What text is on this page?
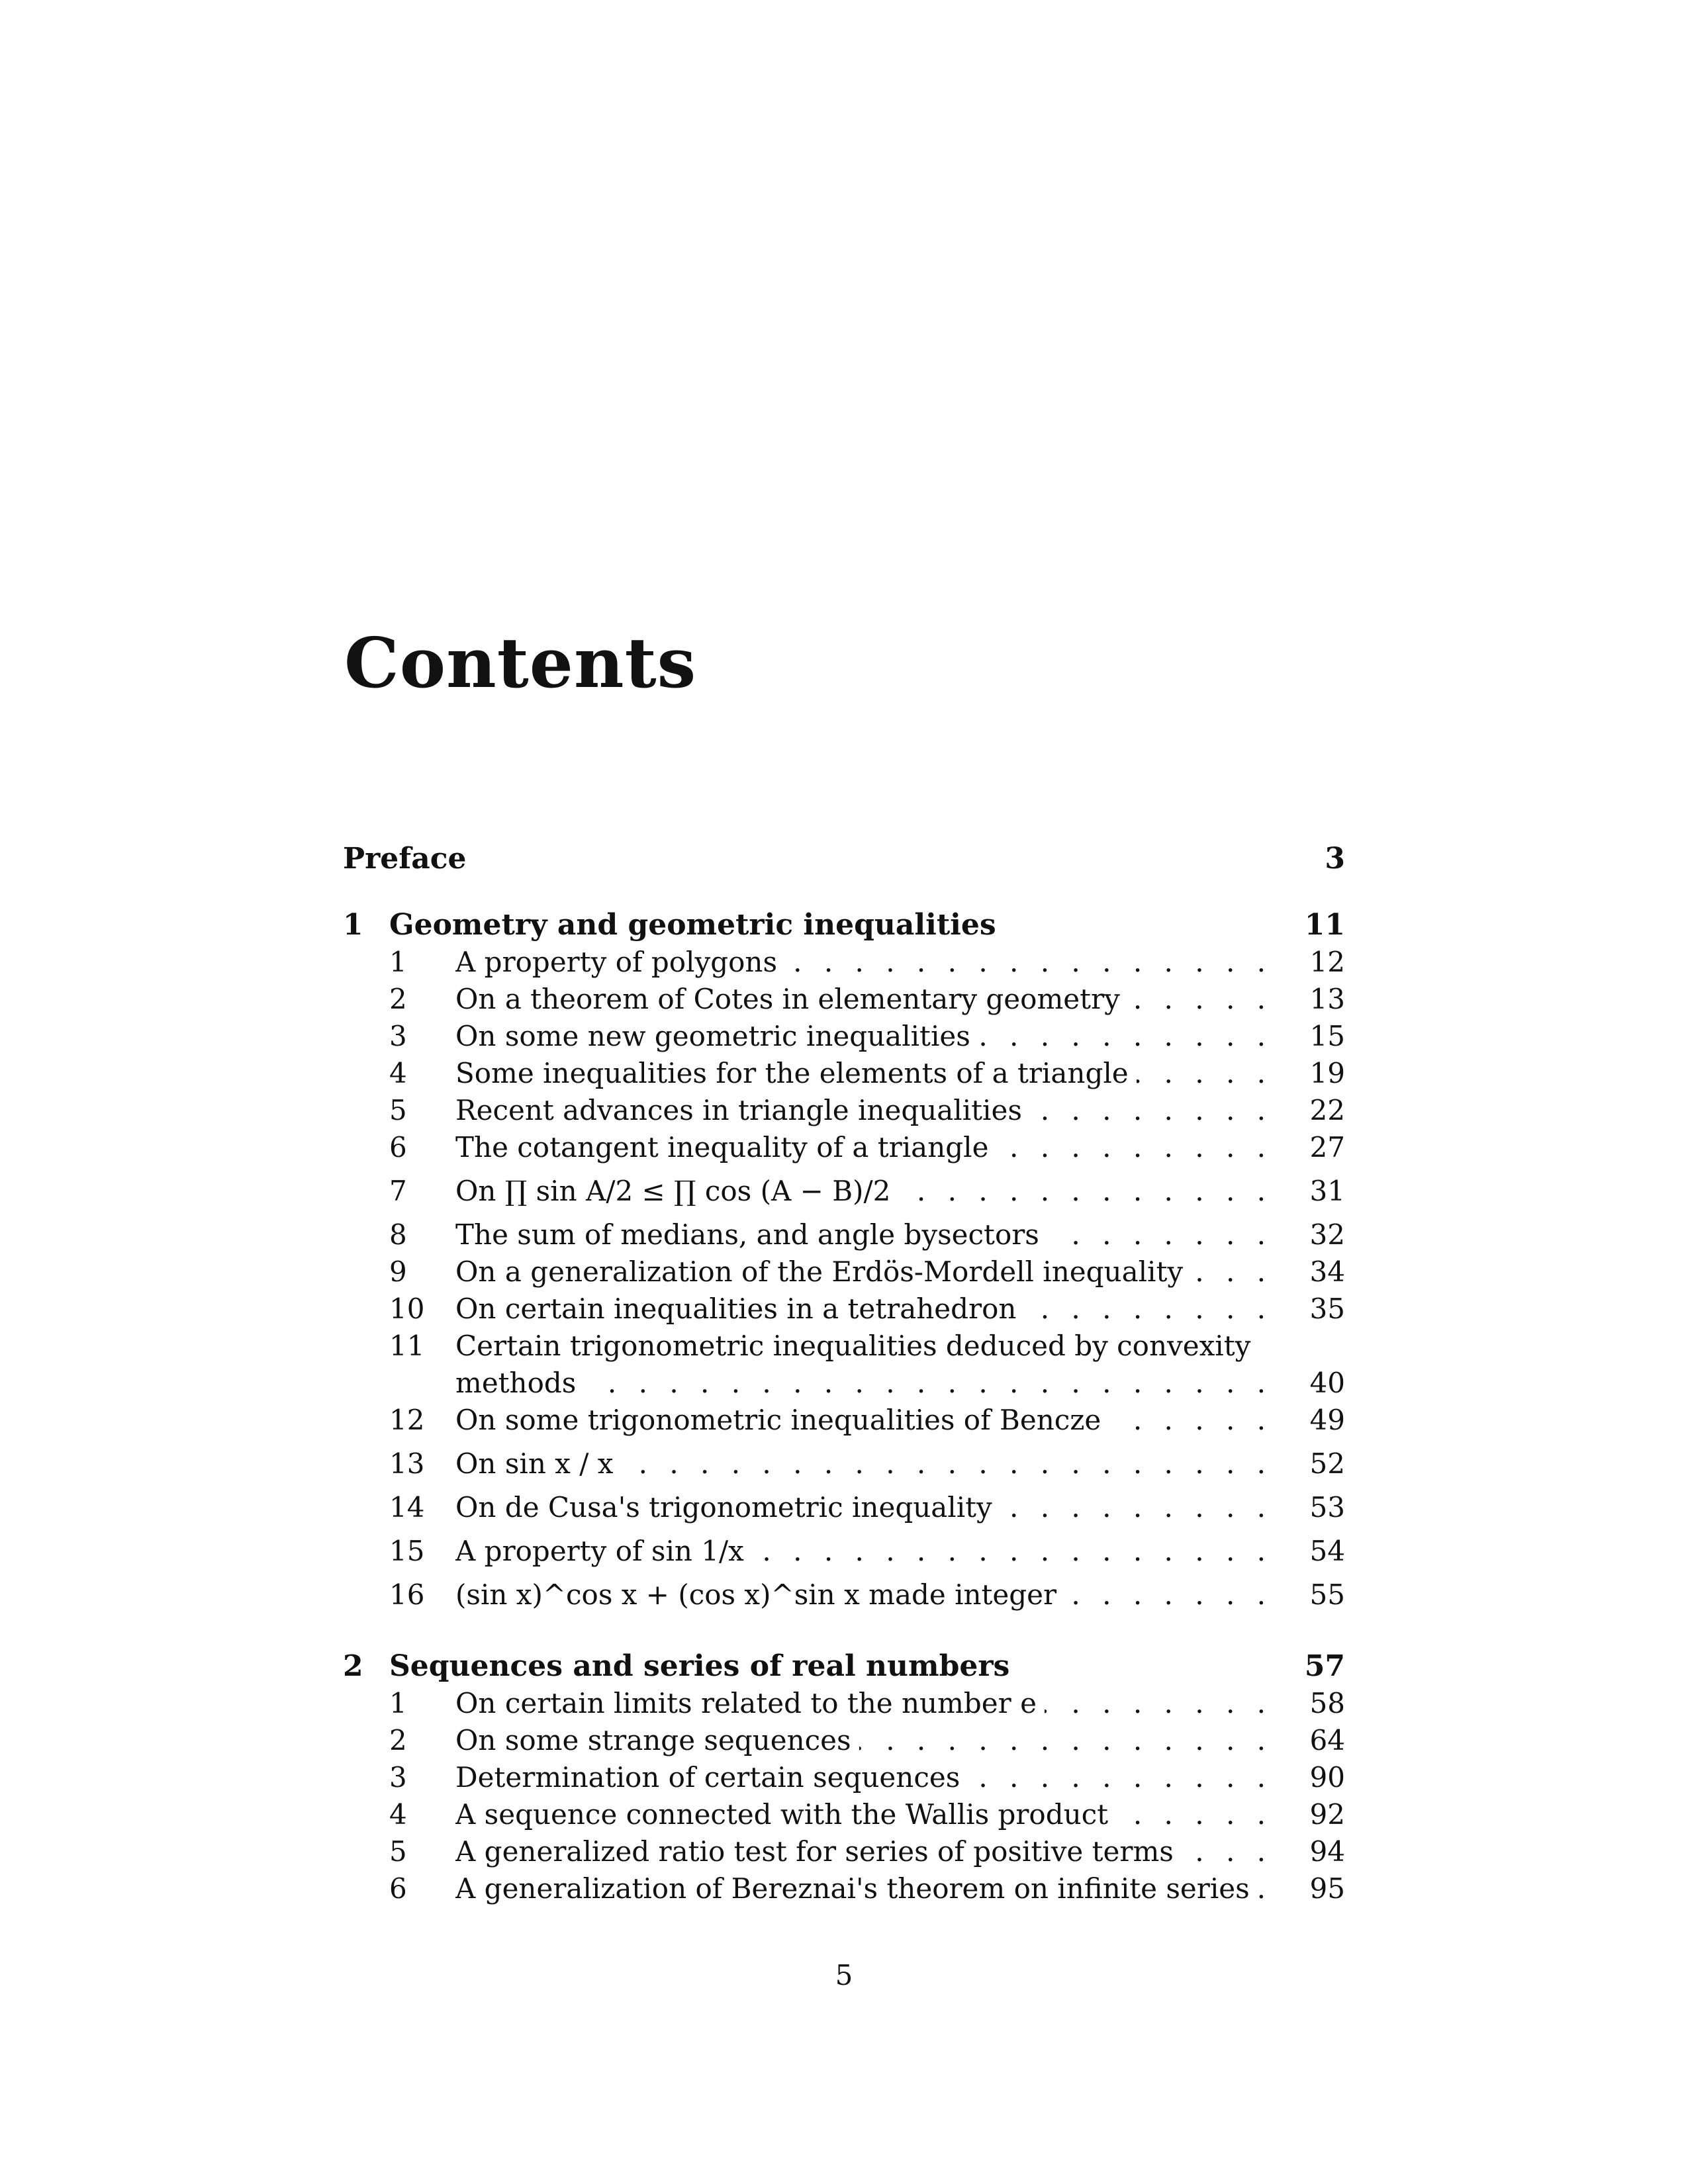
Contents
Preface	3
1 Geometry and geometric inequalities	11
1	A property of polygons . . .	12
2	On a theorem of Cotes in elementary geometry . . .	13
3	On some new geometric inequalities . . .	15
4	Some inequalities for the elements of a triangle . . .	19
5	Recent advances in triangle inequalities . . .	22
6	The cotangent inequality of a triangle . . .	27
7	On ∏ sin A/2 ≤ ∏ cos (A − B)/2 . . .	31
8	The sum of medians, and angle bysectors . . .	32
9	On a generalization of the Erdös-Mordell inequality . . .	34
10 On certain inequalities in a tetrahedron . . .	35
11 Certain trigonometric inequalities deduced by convexity
methods . . .	40
12 On some trigonometric inequalities of Bencze . . .	49
13 On sin x / x . . .	52
14 On de Cusa's trigonometric inequality . . .	53
15 A property of sin 1/x . . .	54
16 (sin x)^cos x + (cos x)^sin x made integer . . .	55
2 Sequences and series of real numbers	57
1	On certain limits related to the number e . . .	58
2	On some strange sequences . . .	64
3	Determination of certain sequences . . .	90
4	A sequence connected with the Wallis product . . .	92
5	A generalized ratio test for series of positive terms . . .	94
6	A generalization of Bereznai's theorem on infinite series . . .	95
5
